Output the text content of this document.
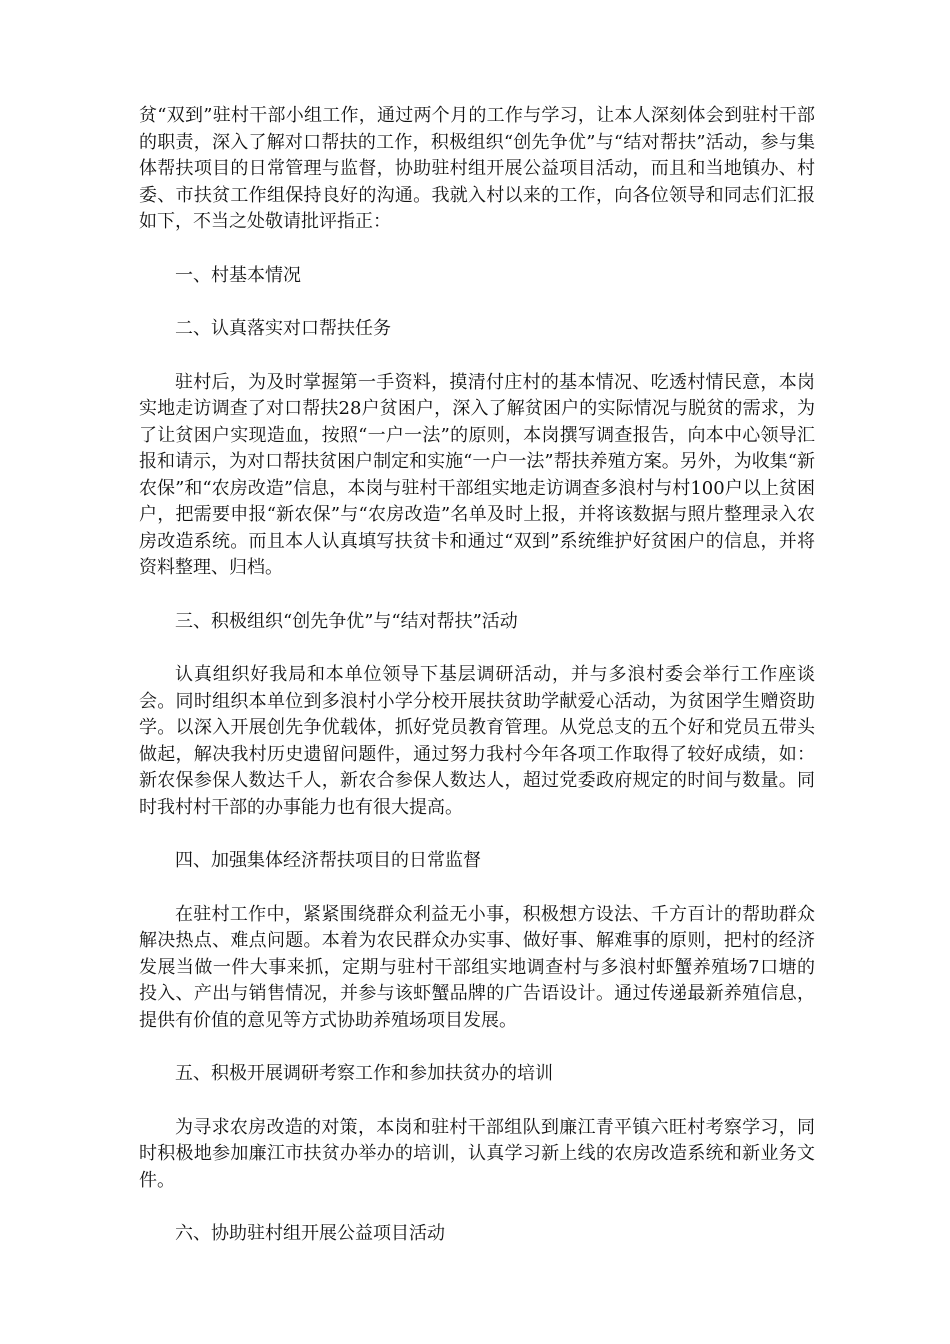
贫“双到”驻村干部小组工作，通过两个月的工作与学习，让本人深刻体会到驻村干部的职责，深入了解对口帮扶的工作，积极组织“创先争优”与“结对帮扶”活动，参与集体帮扶项目的日常管理与监督，协助驻村组开展公益项目活动，而且和当地镇办、村委、市扶贫工作组保持良好的沟通。我就入村以来的工作，向各位领导和同志们汇报如下，不当之处敬请批评指正：

一、村基本情况

二、认真落实对口帮扶任务

驻村后，为及时掌握第一手资料，摸清付庄村的基本情况、吃透村情民意，本岗实地走访调查了对口帮扶28户贫困户，深入了解贫困户的实际情况与脱贫的需求，为了让贫困户实现造血，按照“一户一法”的原则，本岗撰写调查报告，向本中心领导汇报和请示，为对口帮扶贫困户制定和实施“一户一法”帮扶养殖方案。另外，为收集“新农保”和“农房改造”信息，本岗与驻村干部组实地走访调查多浪村与村100户以上贫困户，把需要申报“新农保”与“农房改造”名单及时上报，并将该数据与照片整理录入农房改造系统。而且本人认真填写扶贫卡和通过“双到”系统维护好贫困户的信息，并将资料整理、归档。

三、积极组织“创先争优”与“结对帮扶”活动

认真组织好我局和本单位领导下基层调研活动，并与多浪村委会举行工作座谈会。同时组织本单位到多浪村小学分校开展扶贫助学献爱心活动，为贫困学生赠资助学。以深入开展创先争优载体，抓好党员教育管理。从党总支的五个好和党员五带头做起，解决我村历史遗留问题件，通过努力我村今年各项工作取得了较好成绩，如：新农保参保人数达千人，新农合参保人数达人，超过党委政府规定的时间与数量。同时我村村干部的办事能力也有很大提高。

四、加强集体经济帮扶项目的日常监督

在驻村工作中，紧紧围绕群众利益无小事，积极想方设法、千方百计的帮助群众解决热点、难点问题。本着为农民群众办实事、做好事、解难事的原则，把村的经济发展当做一件大事来抓，定期与驻村干部组实地调查村与多浪村虾蟹养殖场7口塘的投入、产出与销售情况，并参与该虾蟹品牌的广告语设计。通过传递最新养殖信息，提供有价值的意见等方式协助养殖场项目发展。

五、积极开展调研考察工作和参加扶贫办的培训

为寻求农房改造的对策，本岗和驻村干部组队到廉江青平镇六旺村考察学习，同时积极地参加廉江市扶贫办举办的培训，认真学习新上线的农房改造系统和新业务文件。

六、协助驻村组开展公益项目活动
